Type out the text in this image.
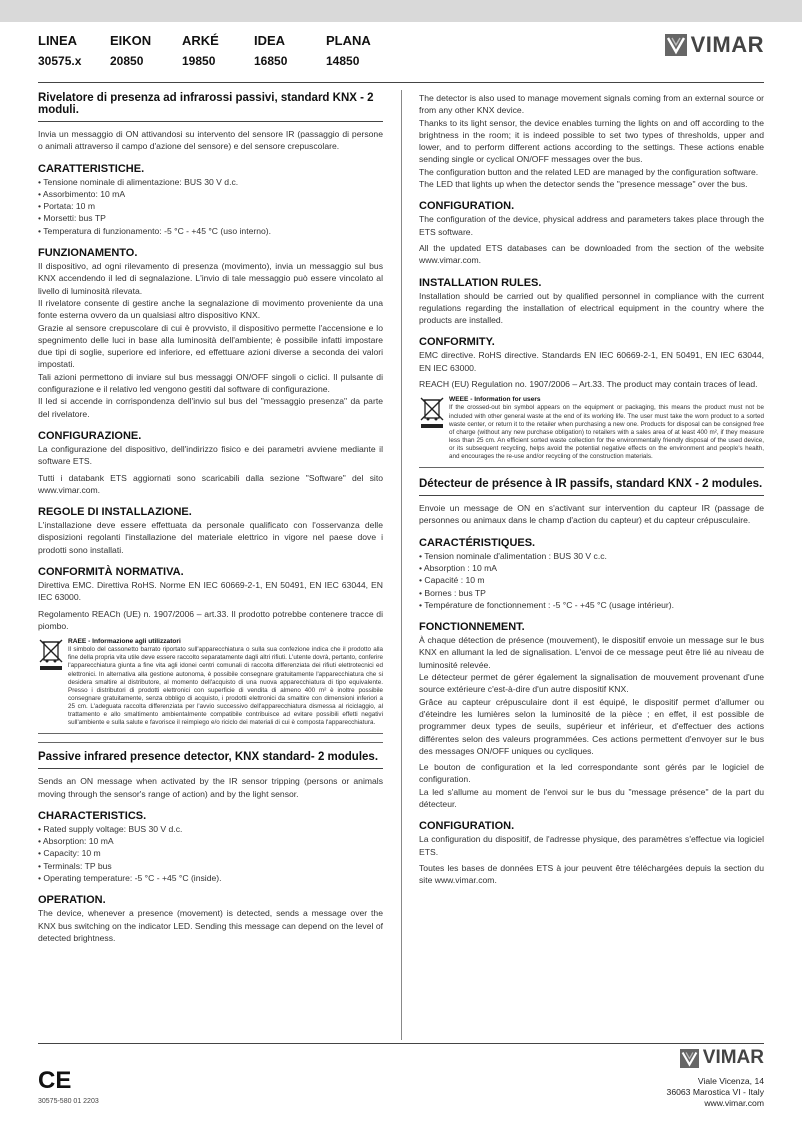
LINEA
30575.x
EIKON
20850
ARKÉ
19850
IDEA
16850
PLANA
14850
VIMAR
Rivelatore di presenza ad infrarossi passivi, standard KNX - 2 moduli.

Invia un messaggio di ON attivandosi su intervento del sensore IR (passaggio di persone o animali attraverso il campo d'azione del sensore) e del sensore crepuscolare.

CARATTERISTICHE.
• Tensione nominale di alimentazione: BUS 30 V d.c.
• Assorbimento: 10 mA
• Portata: 10 m
• Morsetti: bus TP
• Temperatura di funzionamento: -5 °C - +45 °C (uso interno).
FUNZIONAMENTO.

Il dispositivo, ad ogni rilevamento di presenza (movimento), invia un messaggio sul bus KNX accendendo il led di segnalazione. L'invio di tale messaggio può essere vincolato al livello di luminosità rilevata.

Il rivelatore consente di gestire anche la segnalazione di movimento proveniente da una fonte esterna ovvero da un qualsiasi altro dispositivo KNX.

Grazie al sensore crepuscolare di cui è provvisto, il dispositivo permette l'accensione e lo spegnimento delle luci in base alla luminosità dell'ambiente; è possibile infatti impostare due tipi di soglie, superiore ed inferiore, ed effettuare azioni diverse a seconda dei valori impostati.

Tali azioni permettono di inviare sul bus messaggi ON/OFF singoli o ciclici. Il pulsante di configurazione e il relativo led vengono gestiti dal software di configurazione.

Il led si accende in corrispondenza dell'invio sul bus del "messaggio presenza" da parte del rivelatore.

CONFIGURAZIONE.

La configurazione del dispositivo, dell'indirizzo fisico e dei parametri avviene mediante il software ETS.

Tutti i databank ETS aggiornati sono scaricabili dalla sezione "Software" del sito www.vimar.com.

REGOLE DI INSTALLAZIONE.

L'installazione deve essere effettuata da personale qualificato con l'osservanza delle disposizioni regolanti l'installazione del materiale elettrico in vigore nel paese dove i prodotti sono installati.

CONFORMITÀ NORMATIVA.

Direttiva EMC. Direttiva RoHS. Norme EN IEC 60669-2-1, EN 50491, EN IEC 63044, EN IEC 63000.

Regolamento REACh (UE) n. 1907/2006 – art.33. Il prodotto potrebbe contenere tracce di piombo.

RAEE - Informazione agli utilizzatori
Il simbolo del cassonetto barrato riportato sull'apparecchiatura o sulla sua confezione indica che il prodotto alla fine della propria vita utile deve essere raccolto separatamente dagli altri rifiuti. L'utente dovrà, pertanto, conferire l'apparecchiatura giunta a fine vita agli idonei centri comunali di raccolta differenziata dei rifiuti elettrotecnici ed elettronici. In alternativa alla gestione autonoma, è possibile consegnare gratuitamente l'apparecchiatura che si desidera smaltire al distributore, al momento dell'acquisto di una nuova apparecchiatura di tipo equivalente. Presso i distributori di prodotti elettronici con superficie di vendita di almeno 400 m² è inoltre possibile consegnare gratuitamente, senza obbligo di acquisto, i prodotti elettronici da smaltire con dimensioni inferiori a 25 cm. L'adeguata raccolta differenziata per l'avvio successivo dell'apparecchiatura dismessa al riciclaggio, al trattamento e allo smaltimento ambientalmente compatibile contribuisce ad evitare possibili effetti negativi sull'ambiente e sulla salute e favorisce il reimpiego e/o riciclo dei materiali di cui è composta l'apparecchiatura.
Passive infrared presence detector, KNX standard- 2 modules.

Sends an ON message when activated by the IR sensor tripping (persons or animals moving through the sensor's range of action) and by the light sensor.

CHARACTERISTICS.
• Rated supply voltage: BUS 30 V d.c.
• Absorption: 10 mA
• Capacity: 10 m
• Terminals: TP bus
• Operating temperature: -5 °C - +45 °C (inside).
OPERATION.

The device, whenever a presence (movement) is detected, sends a message over the KNX bus switching on the indicator LED. Sending this message can depend on the level of detected brightness.

The detector is also used to manage movement signals coming from an external source or from any other KNX device.

Thanks to its light sensor, the device enables turning the lights on and off according to the brightness in the room; it is indeed possible to set two types of thresholds, upper and lower, and to perform different actions according to the settings. These actions enable sending single or cyclical ON/OFF messages over the bus.

The configuration button and the related LED are managed by the configuration software.

The LED that lights up when the detector sends the "presence message" over the bus.

CONFIGURATION.

The configuration of the device, physical address and parameters takes place through the ETS software.

All the updated ETS databases can be downloaded from the section of the website www.vimar.com.

INSTALLATION RULES.

Installation should be carried out by qualified personnel in compliance with the current regulations regarding the installation of electrical equipment in the country where the products are installed.

CONFORMITY.

EMC directive. RoHS directive. Standards EN IEC 60669-2-1, EN 50491, EN IEC 63044, EN IEC 63000.

REACH (EU) Regulation no. 1907/2006 – Art.33. The product may contain traces of lead.

WEEE - Information for users
If the crossed-out bin symbol appears on the equipment or packaging, this means the product must not be included with other general waste at the end of its working life. The user must take the worn product to a sorted waste center, or return it to the retailer when purchasing a new one. Products for disposal can be consigned free of charge (without any new purchase obligation) to retailers with a sales area of at least 400 m², if they measure less than 25 cm. An efficient sorted waste collection for the environmentally friendly disposal of the used device, or its subsequent recycling, helps avoid the potential negative effects on the environment and people's health, and encourages the re-use and/or recycling of the construction materials.
Détecteur de présence à IR passifs, standard KNX - 2 modules.

Envoie un message de ON en s'activant sur intervention du capteur IR (passage de personnes ou animaux dans le champ d'action du capteur) et du capteur crépusculaire.

CARACTÉRISTIQUES.
• Tension nominale d'alimentation : BUS 30 V c.c.
• Absorption : 10 mA
• Capacité : 10 m
• Bornes : bus TP
• Température de fonctionnement : -5 °C - +45 °C (usage intérieur).
FONCTIONNEMENT.

À chaque détection de présence (mouvement), le dispositif envoie un message sur le bus KNX en allumant la led de signalisation. L'envoi de ce message peut être lié au niveau de luminosité relevée.

Le détecteur permet de gérer également la signalisation de mouvement provenant d'une source extérieure c'est-à-dire d'un autre dispositif KNX.

Grâce au capteur crépusculaire dont il est équipé, le dispositif permet d'allumer ou d'éteindre les lumières selon la luminosité de la pièce ; en effet, il est possible de programmer deux types de seuils, supérieur et inférieur, et d'effectuer des actions différentes selon des valeurs programmées. Ces actions permettent d'envoyer sur le bus des messages ON/OFF uniques ou cycliques.

Le bouton de configuration et la led correspondante sont gérés par le logiciel de configuration.

La led s'allume au moment de l'envoi sur le bus du "message présence" de la part du détecteur.

CONFIGURATION.

La configuration du dispositif, de l'adresse physique, des paramètres s'effectue via logiciel ETS.

Toutes les bases de données ETS à jour peuvent être téléchargées depuis la section du site www.vimar.com.

CE
30575-580 01 2203
VIMAR
Viale Vicenza, 14
36063 Marostica VI - Italy
www.vimar.com
